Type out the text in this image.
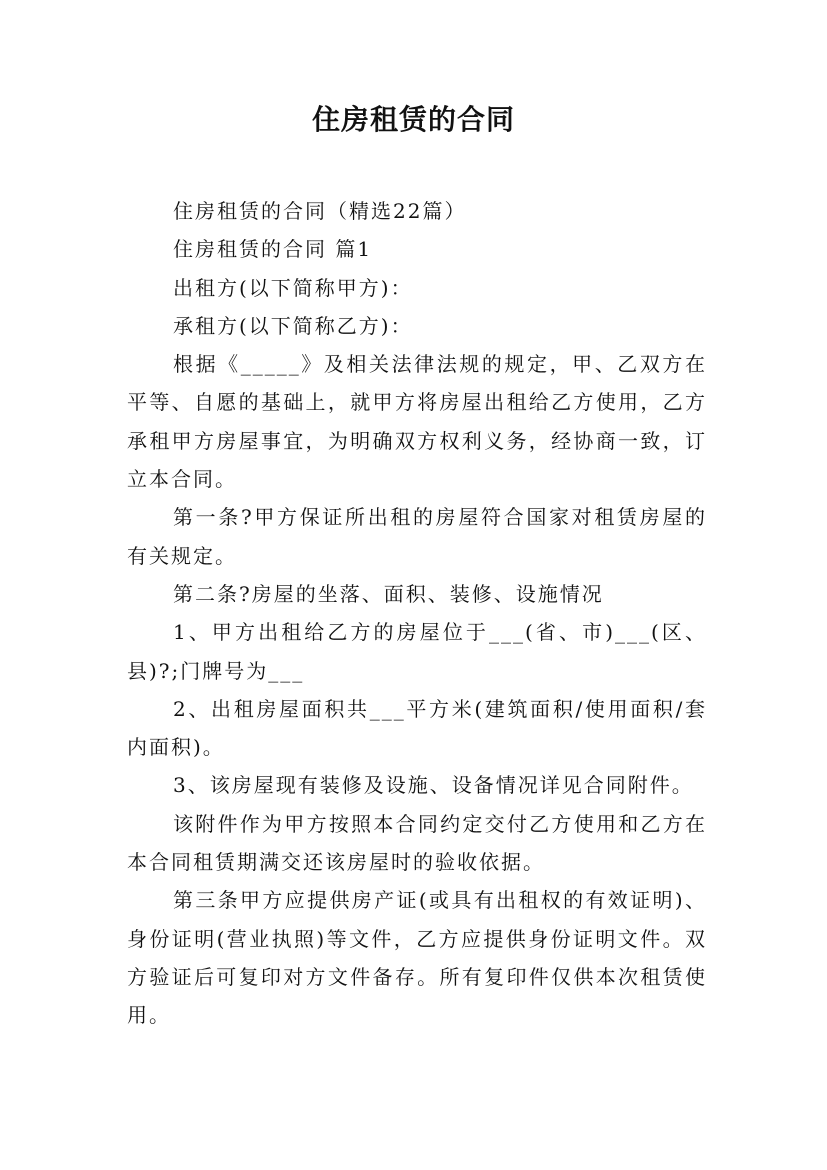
住房租赁的合同

住房租赁的合同（精选22篇）

住房租赁的合同 篇1

出租方(以下简称甲方)：

承租方(以下简称乙方)：

根据《_____》及相关法律法规的规定，甲、乙双方在平等、自愿的基础上，就甲方将房屋出租给乙方使用，乙方承租甲方房屋事宜，为明确双方权利义务，经协商一致，订立本合同。

第一条?甲方保证所出租的房屋符合国家对租赁房屋的有关规定。

第二条?房屋的坐落、面积、装修、设施情况

1、甲方出租给乙方的房屋位于___(省、市)___(区、县)?;门牌号为___

2、出租房屋面积共___平方米(建筑面积/使用面积/套内面积)。

3、该房屋现有装修及设施、设备情况详见合同附件。

该附件作为甲方按照本合同约定交付乙方使用和乙方在本合同租赁期满交还该房屋时的验收依据。

第三条甲方应提供房产证(或具有出租权的有效证明)、身份证明(营业执照)等文件，乙方应提供身份证明文件。双方验证后可复印对方文件备存。所有复印件仅供本次租赁使用。
